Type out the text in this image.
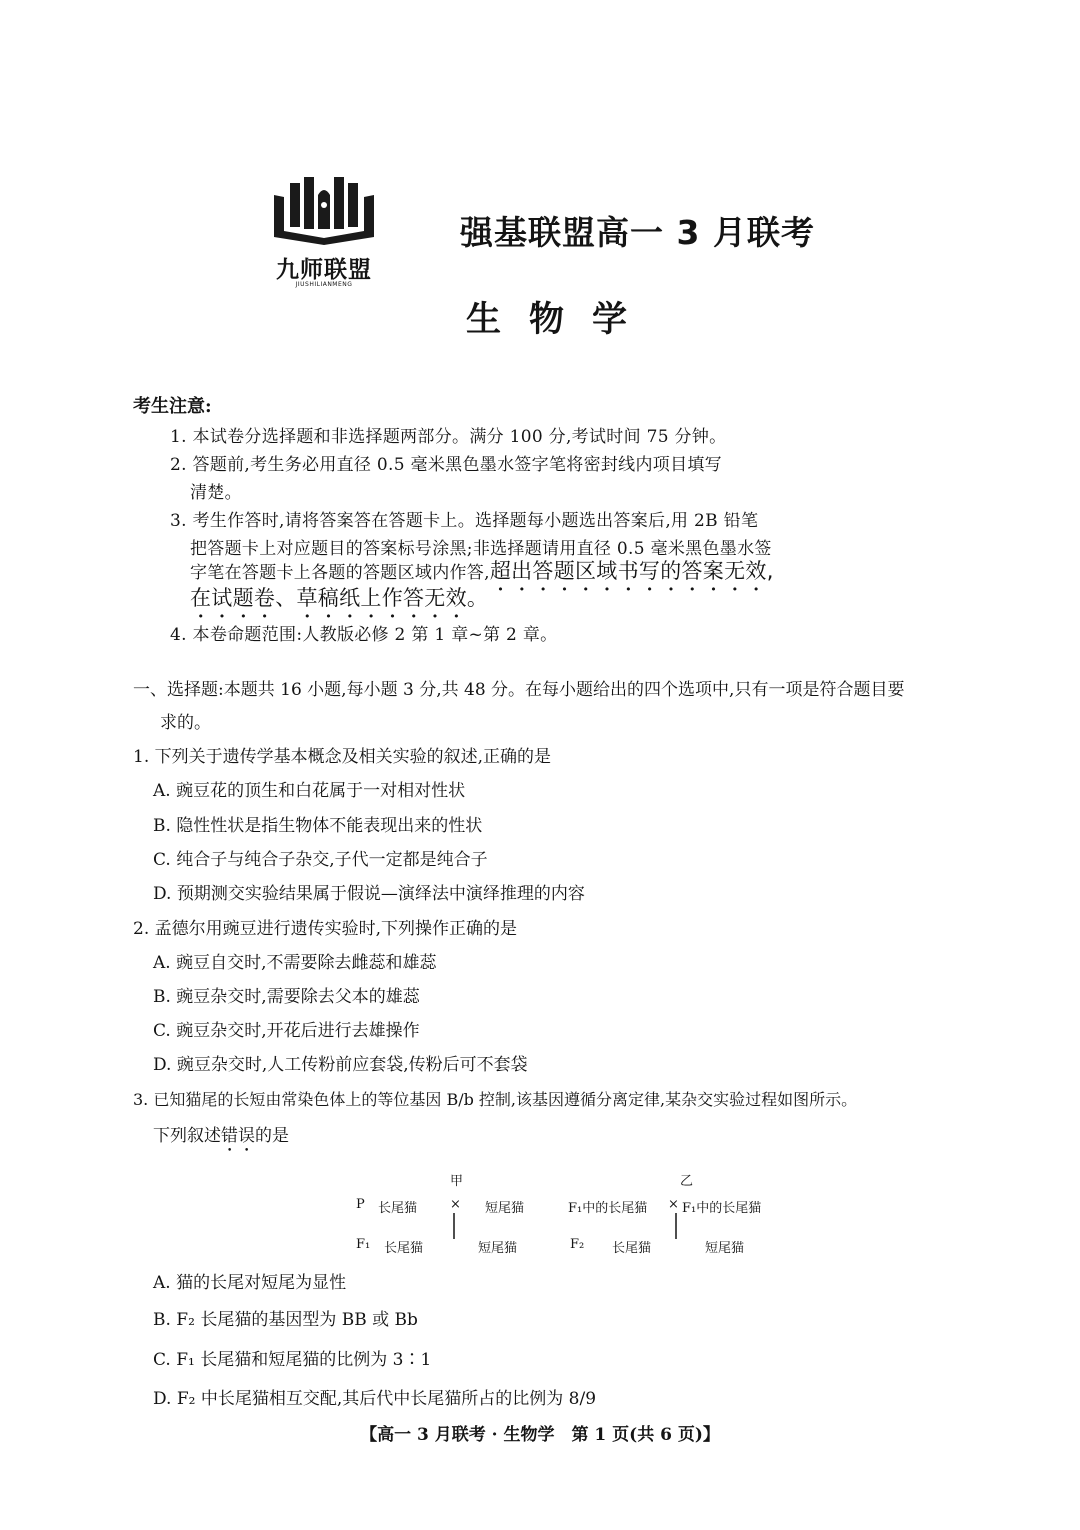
九师联盟
JIUSHILIANMENG
强基联盟高一 3 月联考
生物学
考生注意:
1. 本试卷分选择题和非选择题两部分。满分 100 分,考试时间 75 分钟。
2. 答题前,考生务必用直径 0.5 毫米黑色墨水签字笔将密封线内项目填写
清楚。
3. 考生作答时,请将答案答在答题卡上。选择题每小题选出答案后,用 2B 铅笔
把答题卡上对应题目的答案标号涂黑;非选择题请用直径 0.5 毫米黑色墨水签
字笔在答题卡上各题的答题区域内作答,超出答题区域书写的答案无效,
在试题卷、草稿纸上作答无效。
4. 本卷命题范围:人教版必修 2 第 1 章~第 2 章。
一、选择题:本题共 16 小题,每小题 3 分,共 48 分。在每小题给出的四个选项中,只有一项是符合题目要
求的。
1. 下列关于遗传学基本概念及相关实验的叙述,正确的是
A. 豌豆花的顶生和白花属于一对相对性状
B. 隐性性状是指生物体不能表现出来的性状
C. 纯合子与纯合子杂交,子代一定都是纯合子
D. 预期测交实验结果属于假说—演绎法中演绎推理的内容
2. 孟德尔用豌豆进行遗传实验时,下列操作正确的是
A. 豌豆自交时,不需要除去雌蕊和雄蕊
B. 豌豆杂交时,需要除去父本的雄蕊
C. 豌豆杂交时,开花后进行去雄操作
D. 豌豆杂交时,人工传粉前应套袋,传粉后可不套袋
3. 已知猫尾的长短由常染色体上的等位基因 B/b 控制,该基因遵循分离定律,某杂交实验过程如图所示。
下列叙述错误的是
甲	乙
P 长尾猫	× 短尾猫	F₁中的长尾猫 × F₁中的长尾猫
F₁ 长尾猫	短尾猫	F₂ 长尾猫	短尾猫
A. 猫的长尾对短尾为显性
B. F₂ 长尾猫的基因型为 BB 或 Bb
C. F₁ 长尾猫和短尾猫的比例为 3∶1
D. F₂ 中长尾猫相互交配,其后代中长尾猫所占的比例为 8/9
【高一 3 月联考 · 生物学　第 1 页(共 6 页)】
